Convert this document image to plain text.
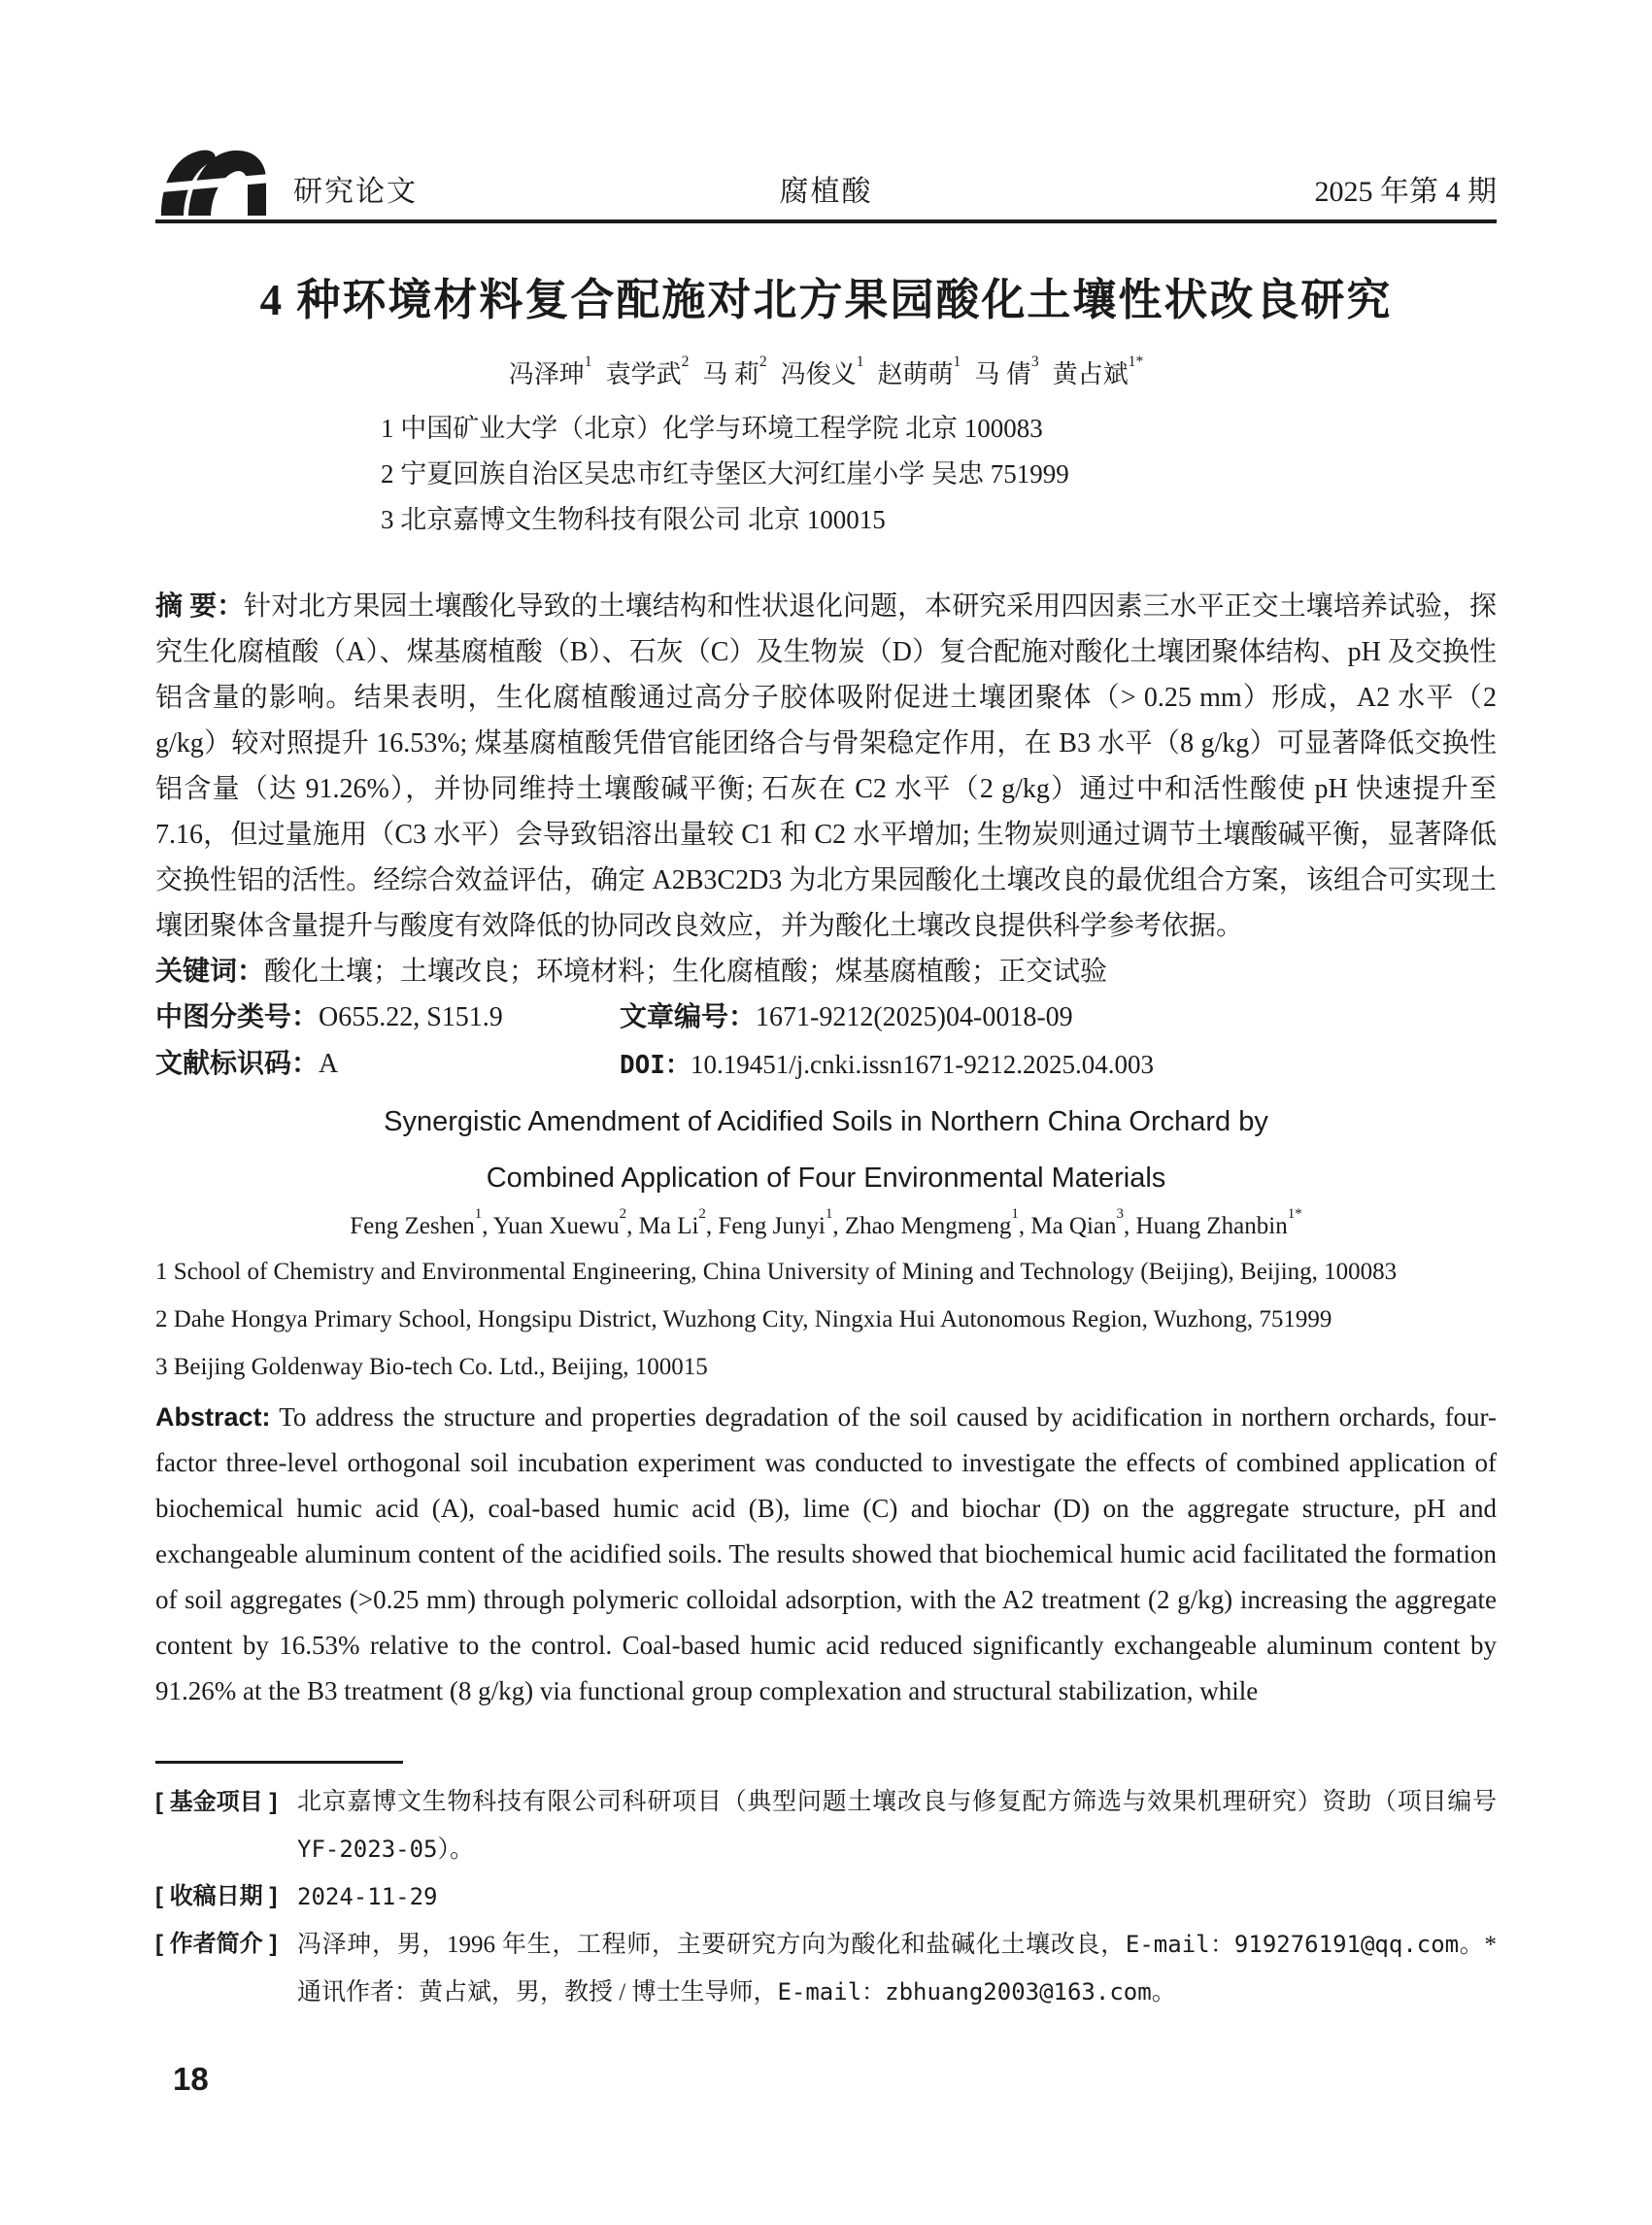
研究论文	腐植酸	2025 年第 4 期
4 种环境材料复合配施对北方果园酸化土壤性状改良研究
冯泽珅$^1$ 袁学武$^2$ 马 莉$^2$ 冯俊义$^1$ 赵萌萌$^1$ 马 倩$^3$ 黄占斌$^{1*}$
1 中国矿业大学（北京）化学与环境工程学院 北京 100083
2 宁夏回族自治区吴忠市红寺堡区大河红崖小学 吴忠 751999
3 北京嘉博文生物科技有限公司 北京 100015

摘 要：针对北方果园土壤酸化导致的土壤结构和性状退化问题，本研究采用四因素三水平正交土壤培养试验，探究生化腐植酸（A）、煤基腐植酸（B）、石灰（C）及生物炭（D）复合配施对酸化土壤团聚体结构、pH 及交换性铝含量的影响。结果表明，生化腐植酸通过高分子胶体吸附促进土壤团聚体（> 0.25 mm）形成，A2 水平（2 g/kg）较对照提升 16.53%; 煤基腐植酸凭借官能团络合与骨架稳定作用，在 B3 水平（8 g/kg）可显著降低交换性铝含量（达 91.26%），并协同维持土壤酸碱平衡; 石灰在 C2 水平（2 g/kg）通过中和活性酸使 pH 快速提升至 7.16，但过量施用（C3 水平）会导致铝溶出量较 C1 和 C2 水平增加; 生物炭则通过调节土壤酸碱平衡，显著降低交换性铝的活性。经综合效益评估，确定 A2B3C2D3 为北方果园酸化土壤改良的最优组合方案，该组合可实现土壤团聚体含量提升与酸度有效降低的协同改良效应，并为酸化土壤改良提供科学参考依据。

关键词：酸化土壤；土壤改良；环境材料；生化腐植酸；煤基腐植酸；正交试验

中图分类号：O655.22, S151.9	文章编号：1671-9212(2025)04-0018-09
文献标识码：A	DOI：10.19451/j.cnki.issn1671-9212.2025.04.003
Synergistic Amendment of Acidified Soils in Northern China Orchard by
Combined Application of Four Environmental Materials
Feng Zeshen$^1$, Yuan Xuewu$^2$, Ma Li$^2$, Feng Junyi$^1$, Zhao Mengmeng$^1$, Ma Qian$^3$, Huang Zhanbin$^{1*}$
1 School of Chemistry and Environmental Engineering, China University of Mining and Technology (Beijing), Beijing, 100083
2 Dahe Hongya Primary School, Hongsipu District, Wuzhong City, Ningxia Hui Autonomous Region, Wuzhong, 751999
3 Beijing Goldenway Bio-tech Co. Ltd., Beijing, 100015

Abstract: To address the structure and properties degradation of the soil caused by acidification in northern orchards, four-factor three-level orthogonal soil incubation experiment was conducted to investigate the effects of combined application of biochemical humic acid (A), coal-based humic acid (B), lime (C) and biochar (D) on the aggregate structure, pH and exchangeable aluminum content of the acidified soils. The results showed that biochemical humic acid facilitated the formation of soil aggregates (>0.25 mm) through polymeric colloidal adsorption, with the A2 treatment (2 g/kg) increasing the aggregate content by 16.53% relative to the control. Coal-based humic acid reduced significantly exchangeable aluminum content by 91.26% at the B3 treatment (8 g/kg) via functional group complexation and structural stabilization, while

[ 基金项目 ] 北京嘉博文生物科技有限公司科研项目（典型问题土壤改良与修复配方筛选与效果机理研究）资助（项目编号 YF-2023-05）。
[ 收稿日期 ] 2024-11-29
[ 作者简介 ] 冯泽珅，男，1996 年生，工程师，主要研究方向为酸化和盐碱化土壤改良，E-mail：919276191@qq.com。* 通讯作者：黄占斌，男，教授 / 博士生导师，E-mail：zbhuang2003@163.com。
18
